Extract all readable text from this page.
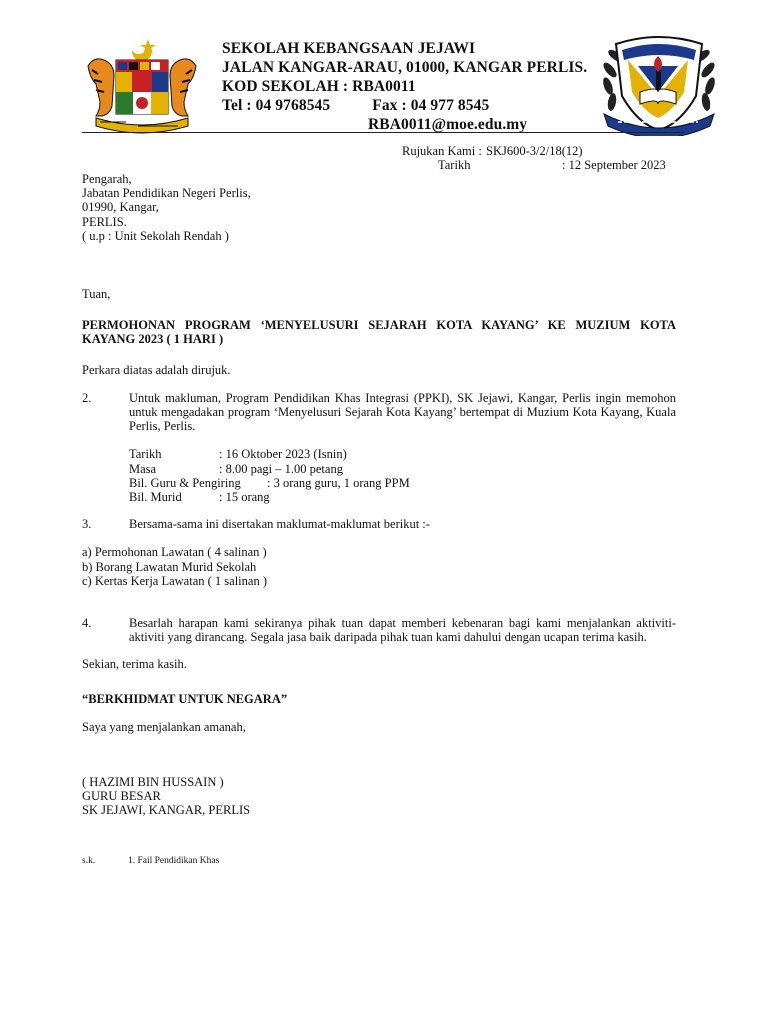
SEKOLAH KEBANGSAAN JEJAWI
JALAN KANGAR-ARAU, 01000, KANGAR PERLIS.
KOD SEKOLAH : RBA0011
Tel : 04 9768545	Fax : 04 977 8545
RBA0011@moe.edu.my
Rujukan Kami : SKJ600-3/2/18(12)
Tarikh	: 12 September 2023

Pengarah,

Jabatan Pendidikan Negeri Perlis,

01990, Kangar,

PERLIS.

( u.p : Unit Sekolah Rendah )

Tuan,

PERMOHONAN PROGRAM ‘MENYELUSURI SEJARAH KOTA KAYANG’ KE MUZIUM KOTA KAYANG 2023 ( 1 HARI )

Perkara diatas adalah dirujuk.

2.	Untuk makluman, Program Pendidikan Khas Integrasi (PPKI), SK Jejawi, Kangar, Perlis ingin memohon untuk mengadakan program ‘Menyelusuri Sejarah Kota Kayang’ bertempat di Muzium Kota Kayang, Kuala Perlis, Perlis.
Tarikh	: 16 Oktober 2023 (Isnin)
Masa	: 8.00 pagi – 1.00 petang
Bil. Guru & Pengiring	: 3 orang guru, 1 orang PPM
Bil. Murid	: 15 orang
3.	Bersama-sama ini disertakan maklumat-maklumat berikut :-

a) Permohonan Lawatan ( 4 salinan )

b) Borang Lawatan Murid Sekolah

c) Kertas Kerja Lawatan ( 1 salinan )

4.	Besarlah harapan kami sekiranya pihak tuan dapat memberi kebenaran bagi kami menjalankan aktiviti-aktiviti yang dirancang. Segala jasa baik daripada pihak tuan kami dahului dengan ucapan terima kasih.

Sekian, terima kasih.

“BERKHIDMAT UNTUK NEGARA”

Saya yang menjalankan amanah,

( HAZIMI BIN HUSSAIN )

GURU BESAR

SK JEJAWI, KANGAR, PERLIS

s.k.	1. Fail Pendidikan Khas
